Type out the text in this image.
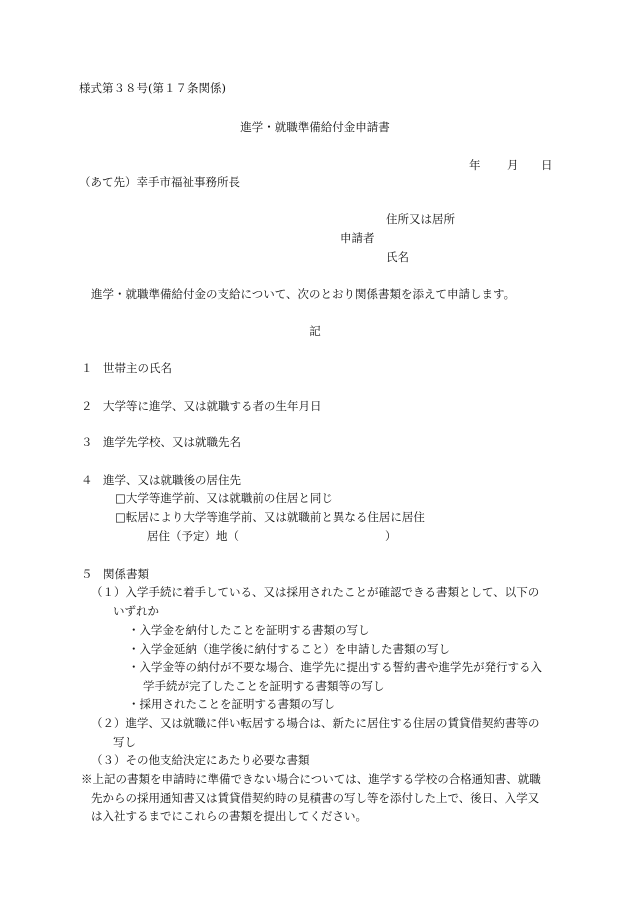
様式第３８号(第１７条関係)
進学・就職準備給付金申請書
年 月 日
（あて先）幸手市福祉事務所長
住所又は居所
申請者
氏名
進学・就職準備給付金の支給について、次のとおり関係書類を添えて申請します。
記
１ 世帯主の氏名
２ 大学等に進学、又は就職する者の生年月日
３ 進学先学校、又は就職先名
４ 進学、又は就職後の居住先
□大学等進学前、又は就職前の住居と同じ
□転居により大学等進学前、又は就職前と異なる住居に居住
居住（予定）地（	）
５ 関係書類
（１）入学手続に着手している、又は採用されたことが確認できる書類として、以下の
いずれか
・入学金を納付したことを証明する書類の写し
・入学金延納（進学後に納付すること）を申請した書類の写し
・入学金等の納付が不要な場合、進学先に提出する誓約書や進学先が発行する入
学手続が完了したことを証明する書類等の写し
・採用されたことを証明する書類の写し
（２）進学、又は就職に伴い転居する場合は、新たに居住する住居の賃貸借契約書等の
写し
（３）その他支給決定にあたり必要な書類
※上記の書類を申請時に準備できない場合については、進学する学校の合格通知書、就職
先からの採用通知書又は賃貸借契約時の見積書の写し等を添付した上で、後日、入学又
は入社するまでにこれらの書類を提出してください。
